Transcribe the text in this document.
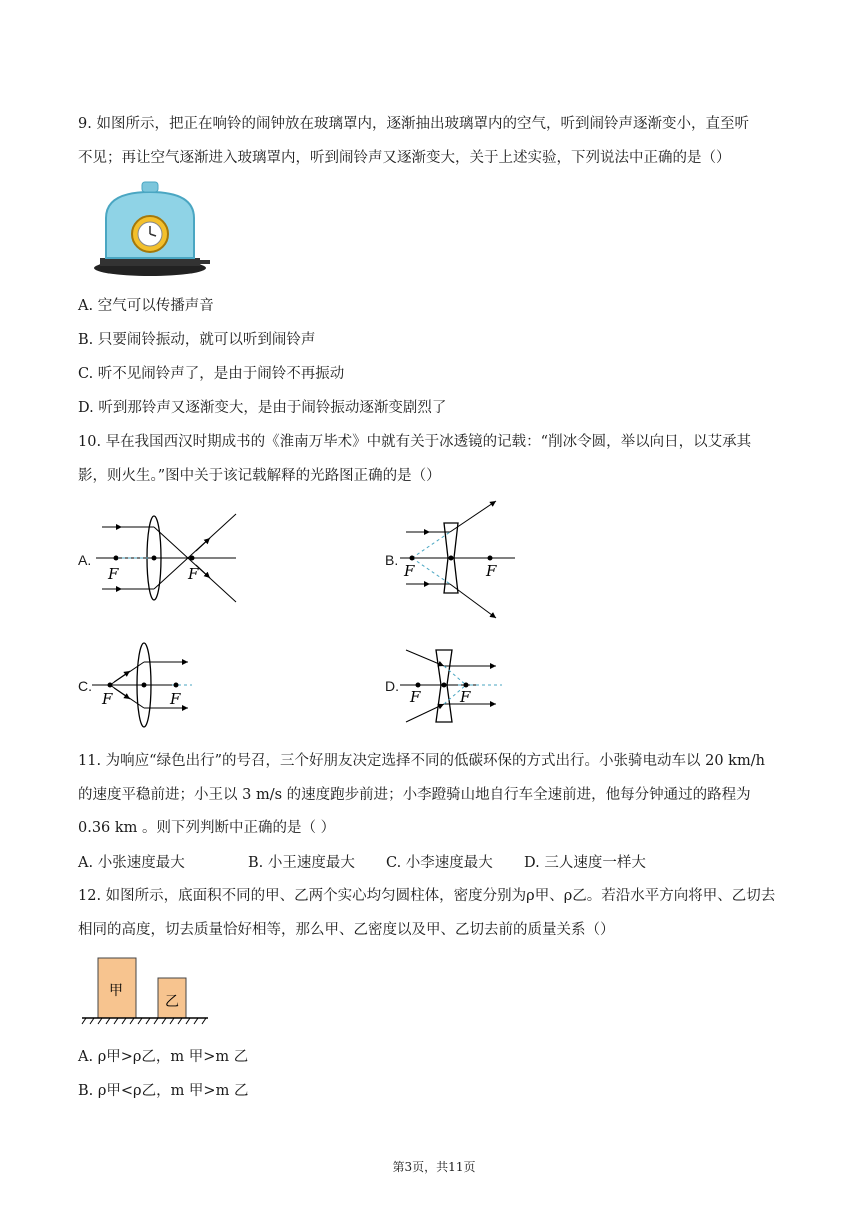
9. 如图所示，把正在响铃的闹钟放在玻璃罩内，逐渐抽出玻璃罩内的空气，听到闹铃声逐渐变小，直至听
不见；再让空气逐渐进入玻璃罩内，听到闹铃声又逐渐变大，关于上述实验，下列说法中正确的是（）
A. 空气可以传播声音
B. 只要闹铃振动，就可以听到闹铃声
C. 听不见闹铃声了，是由于闹铃不再振动
D. 听到那铃声又逐渐变大，是由于闹铃振动逐渐变剧烈了
10. 早在我国西汉时期成书的《淮南万毕术》中就有关于冰透镜的记载：“削冰令圆，举以向日，以艾承其
影，则火生。”图中关于该记载解释的光路图正确的是（）
A.
F	F
B.
F	F
C.
F	F
D.
F	F
11. 为响应“绿色出行”的号召，三个好朋友决定选择不同的低碳环保的方式出行。小张骑电动车以 20 km/h
的速度平稳前进；小王以 3 m/s 的速度跑步前进；小李蹬骑山地自行车全速前进，他每分钟通过的路程为
0.36 km 。则下列判断中正确的是（ ）
A. 小张速度最大	B. 小王速度最大 C. 小李速度最大 D. 三人速度一样大
12. 如图所示，底面积不同的甲、乙两个实心均匀圆柱体，密度分别为ρ甲、ρ乙。若沿水平方向将甲、乙切去
相同的高度，切去质量恰好相等，那么甲、乙密度以及甲、乙切去前的质量关系（）
甲
乙
A. ρ甲>ρ乙，m 甲>m 乙
B. ρ甲<ρ乙，m 甲>m 乙
第3页，共11页
